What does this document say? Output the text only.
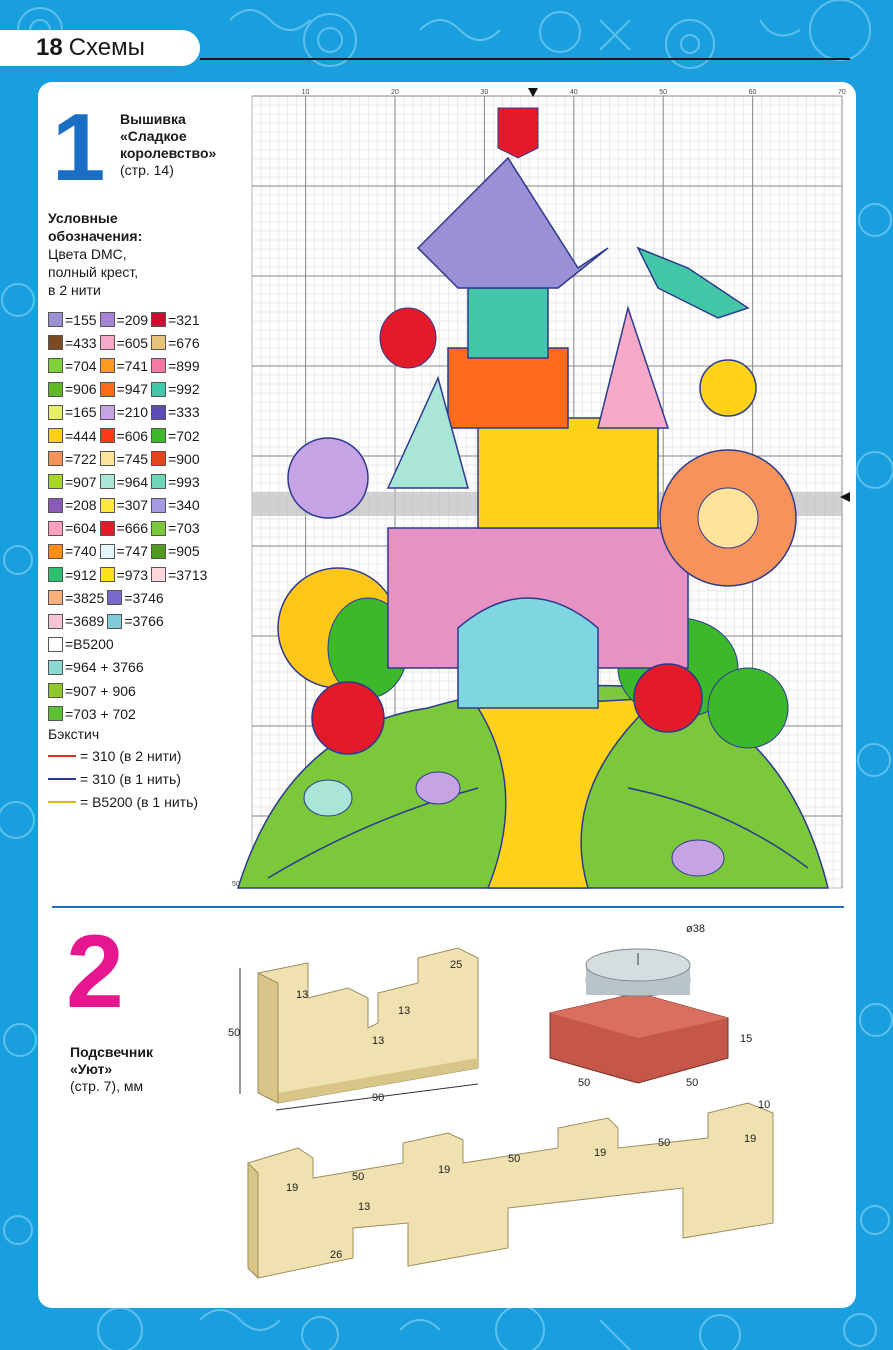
18 Схемы
1 Вышивка
«Сладкое
королевство»
(стр. 14)
Условные
обозначения:
Цвета DMC,
полный крест,
в 2 нити
=155 =209 =321
=433 =605 =676
=704 =741 =899
=906 =947 =992
=165 =210 =333
=444 =606 =702
=722 =745 =900
=907 =964 =993
=208 =307 =340
=604 =666 =703
=740 =747 =905
=912 =973 =3713
=3825 =3746
=3689 =3766
=B5200
=964 + 3766
=907 + 906
=703 + 702
Бэкстич
= 310 (в 2 нити)
= 310 (в 1 нить)
= B5200 (в 1 нить)
10	20	30	40	50	60	70
50
2
Подсвечник
«Уют»
(стр. 7), мм
13
13
25
13
50
90
ø38
15
50	50
10
19
50
19
50	19
50	19
13
26
